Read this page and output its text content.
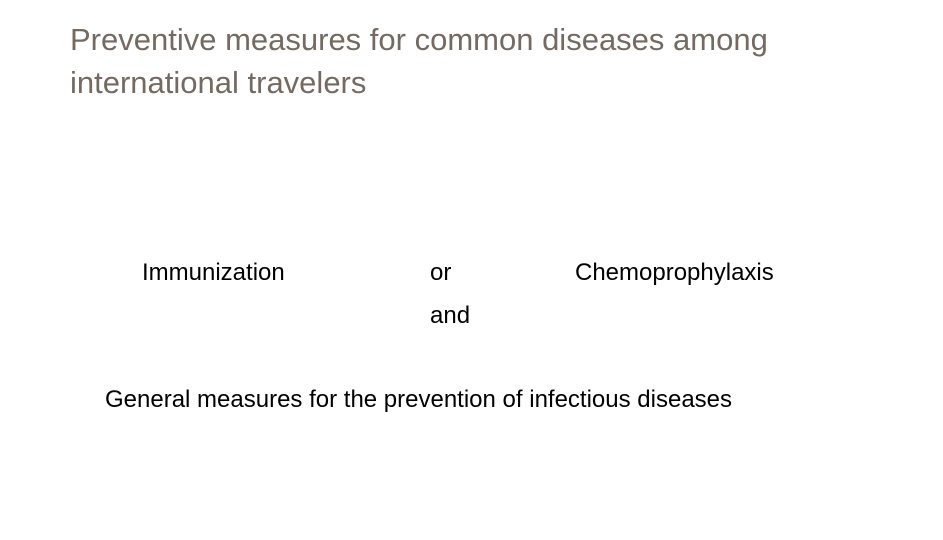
Preventive measures for common diseases among
international travelers

Immunization	or

and

Chemoprophylaxis

General measures for the prevention of infectious diseases
